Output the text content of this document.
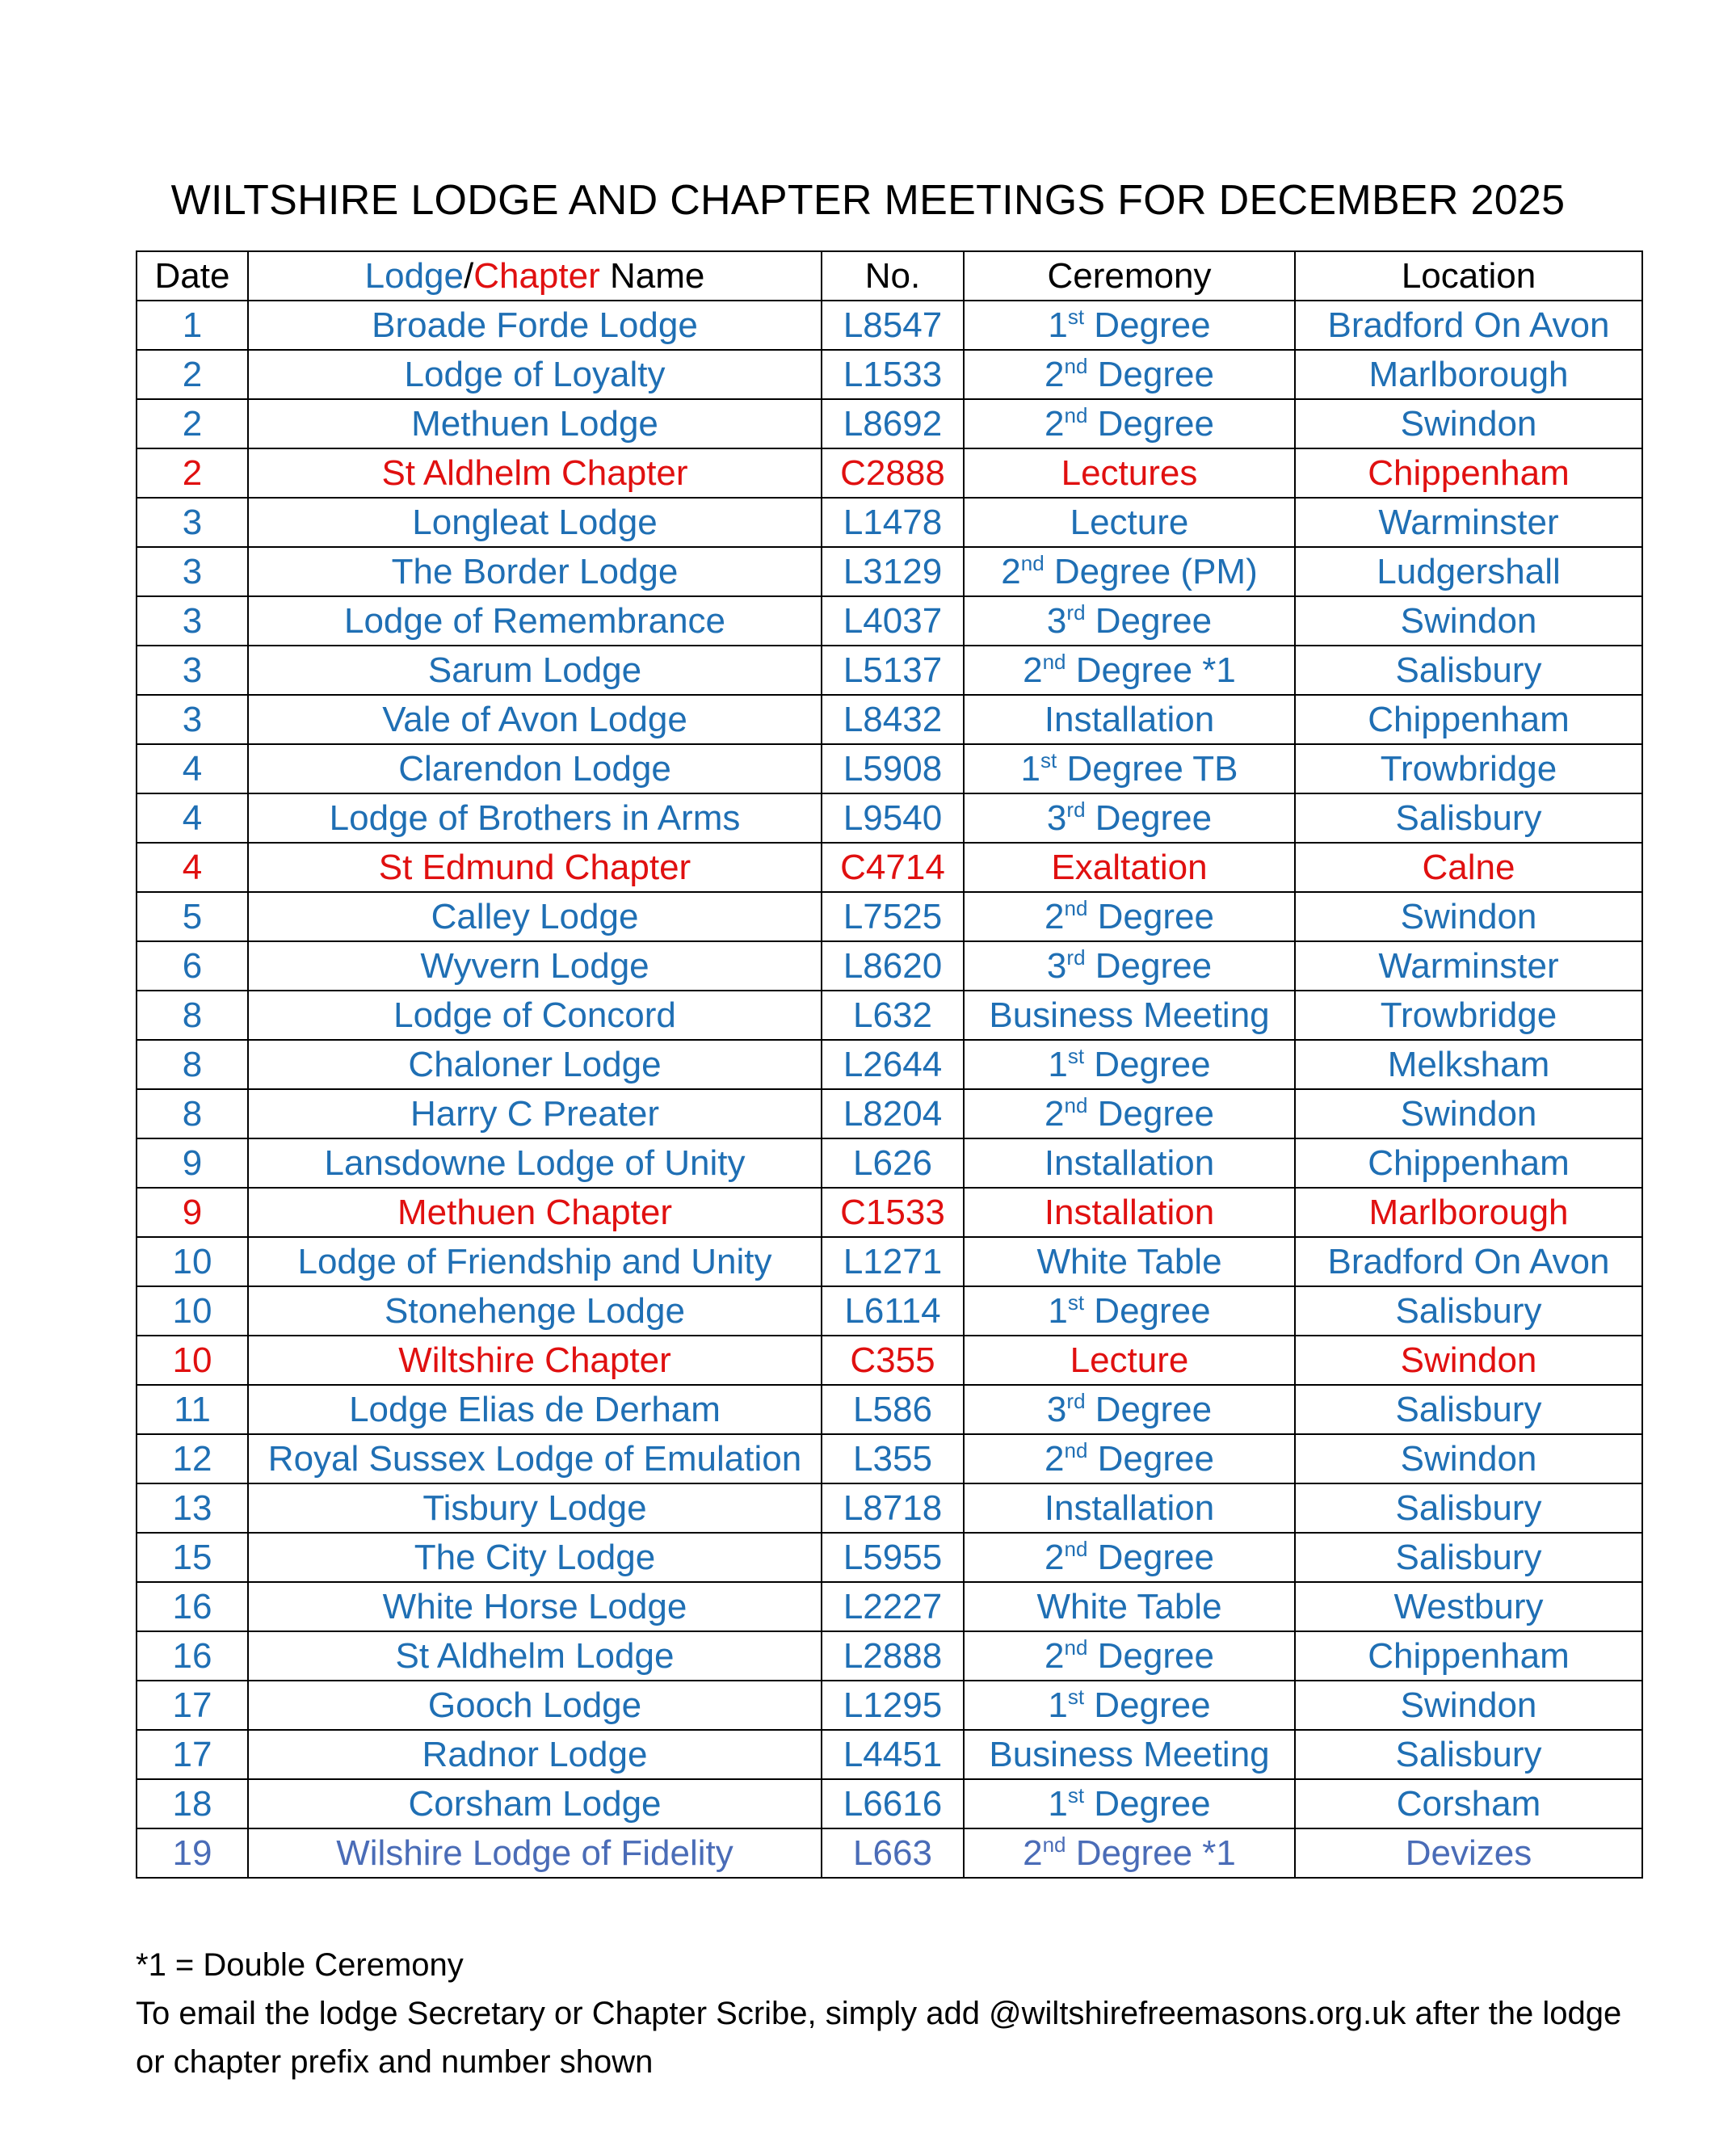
WILTSHIRE LODGE AND CHAPTER MEETINGS FOR DECEMBER 2025
Date	Lodge/Chapter Name	No.	Ceremony	Location
1	Broade Forde Lodge	L8547	1st Degree	Bradford On Avon
2	Lodge of Loyalty	L1533	2nd Degree	Marlborough
2	Methuen Lodge	L8692	2nd Degree	Swindon
2	St Aldhelm Chapter	C2888	Lectures	Chippenham
3	Longleat Lodge	L1478	Lecture	Warminster
3	The Border Lodge	L3129	2nd Degree (PM)	Ludgershall
3	Lodge of Remembrance	L4037	3rd Degree	Swindon
3	Sarum Lodge	L5137	2nd Degree *1	Salisbury
3	Vale of Avon Lodge	L8432	Installation	Chippenham
4	Clarendon Lodge	L5908	1st Degree TB	Trowbridge
4	Lodge of Brothers in Arms	L9540	3rd Degree	Salisbury
4	St Edmund Chapter	C4714	Exaltation	Calne
5	Calley Lodge	L7525	2nd Degree	Swindon
6	Wyvern Lodge	L8620	3rd Degree	Warminster
8	Lodge of Concord	L632	Business Meeting	Trowbridge
8	Chaloner Lodge	L2644	1st Degree	Melksham
8	Harry C Preater	L8204	2nd Degree	Swindon
9	Lansdowne Lodge of Unity	L626	Installation	Chippenham
9	Methuen Chapter	C1533	Installation	Marlborough
10	Lodge of Friendship and Unity	L1271	White Table	Bradford On Avon
10	Stonehenge Lodge	L6114	1st Degree	Salisbury
10	Wiltshire Chapter	C355	Lecture	Swindon
11	Lodge Elias de Derham	L586	3rd Degree	Salisbury
12	Royal Sussex Lodge of Emulation	L355	2nd Degree	Swindon
13	Tisbury Lodge	L8718	Installation	Salisbury
15	The City Lodge	L5955	2nd Degree	Salisbury
16	White Horse Lodge	L2227	White Table	Westbury
16	St Aldhelm Lodge	L2888	2nd Degree	Chippenham
17	Gooch Lodge	L1295	1st Degree	Swindon
17	Radnor Lodge	L4451	Business Meeting	Salisbury
18	Corsham Lodge	L6616	1st Degree	Corsham
19	Wilshire Lodge of Fidelity	L663	2nd Degree *1	Devizes
*1 = Double Ceremony
To email the lodge Secretary or Chapter Scribe, simply add @wiltshirefreemasons.org.uk after the lodge or chapter prefix and number shown
